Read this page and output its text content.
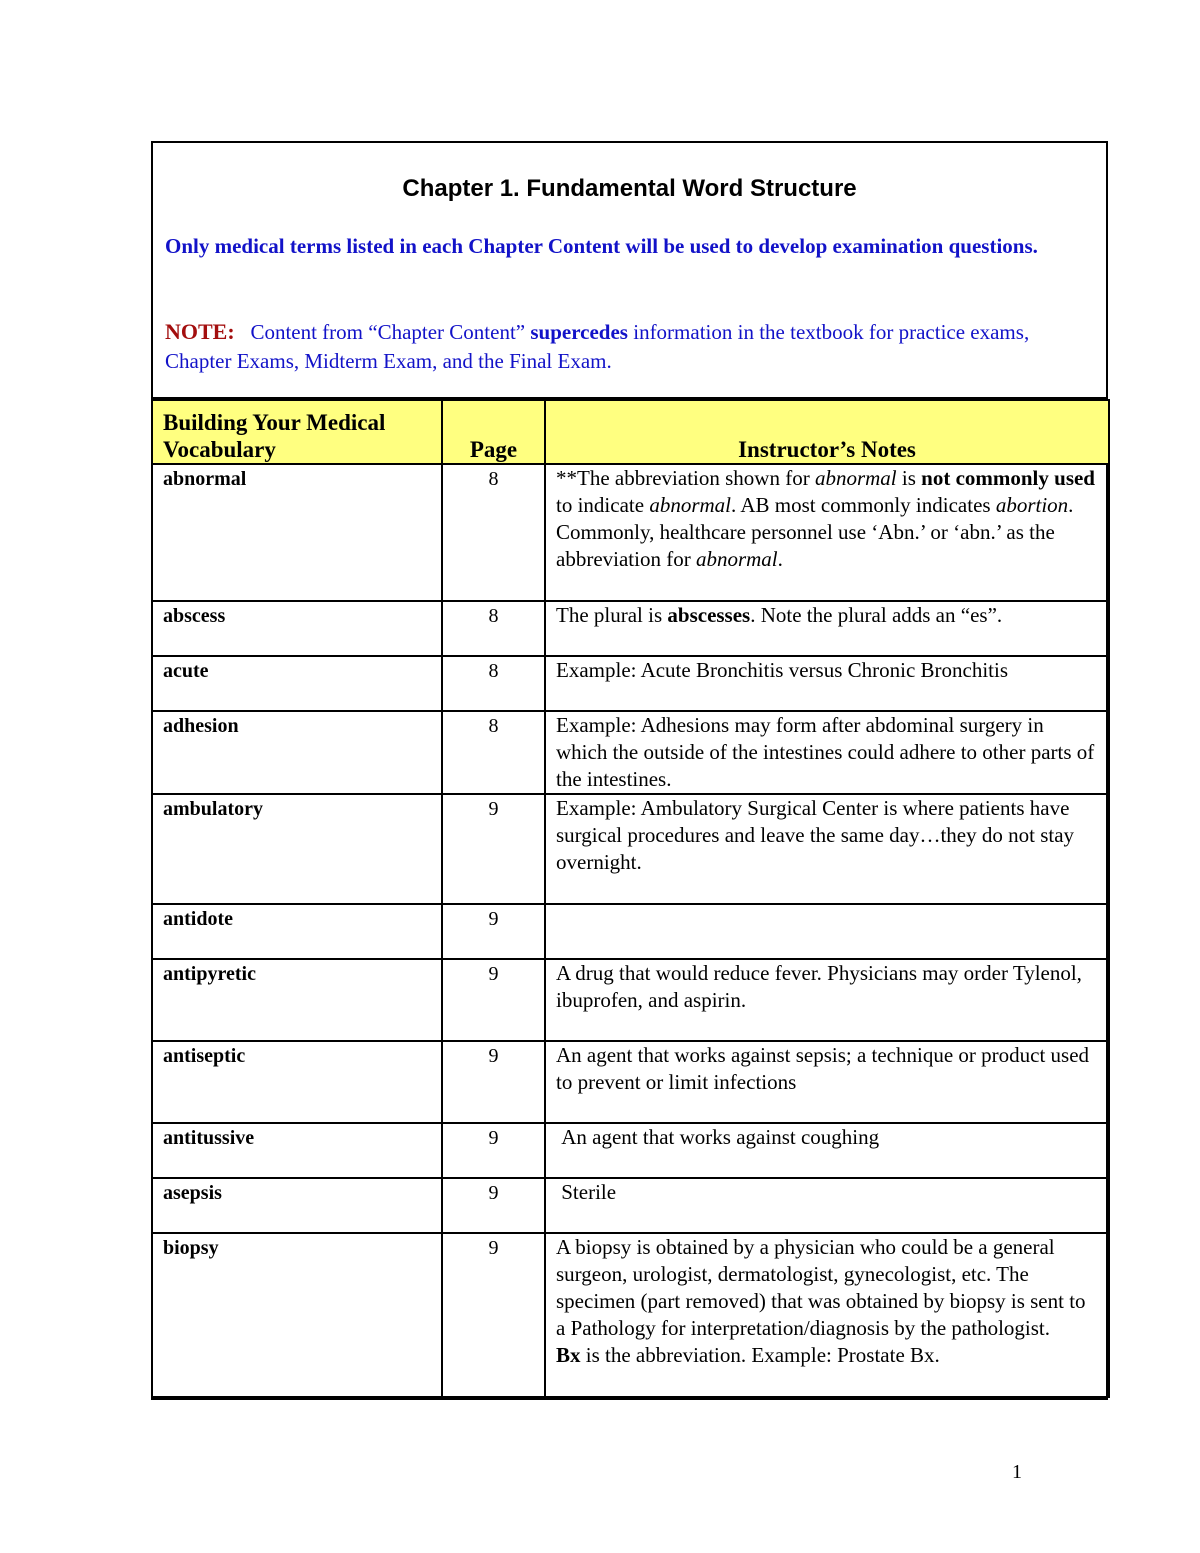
Chapter 1. Fundamental Word Structure
Only medical terms listed in each Chapter Content will be used to develop examination questions.
NOTE: Content from “Chapter Content” supercedes information in the textbook for practice exams, Chapter Exams, Midterm Exam, and the Final Exam.
Building Your Medical Vocabulary	Page	Instructor’s Notes
abnormal	8	**The abbreviation shown for abnormal is not commonly used to indicate abnormal. AB most commonly indicates abortion.
Commonly, healthcare personnel use ‘Abn.’ or ‘abn.’ as the abbreviation for abnormal.
abscess	8	The plural is abscesses. Note the plural adds an “es”.
acute	8	Example: Acute Bronchitis versus Chronic Bronchitis
adhesion	8	Example: Adhesions may form after abdominal surgery in which the outside of the intestines could adhere to other parts of the intestines.
ambulatory	9	Example: Ambulatory Surgical Center is where patients have surgical procedures and leave the same day…they do not stay overnight.
antidote	9	
antipyretic	9	A drug that would reduce fever. Physicians may order Tylenol, ibuprofen, and aspirin.
antiseptic	9	An agent that works against sepsis; a technique or product used to prevent or limit infections
antitussive	9	An agent that works against coughing
asepsis	9	Sterile
biopsy	9	A biopsy is obtained by a physician who could be a general surgeon, urologist, dermatologist, gynecologist, etc. The specimen (part removed) that was obtained by biopsy is sent to a Pathology for interpretation/diagnosis by the pathologist.
Bx is the abbreviation. Example: Prostate Bx.
1
